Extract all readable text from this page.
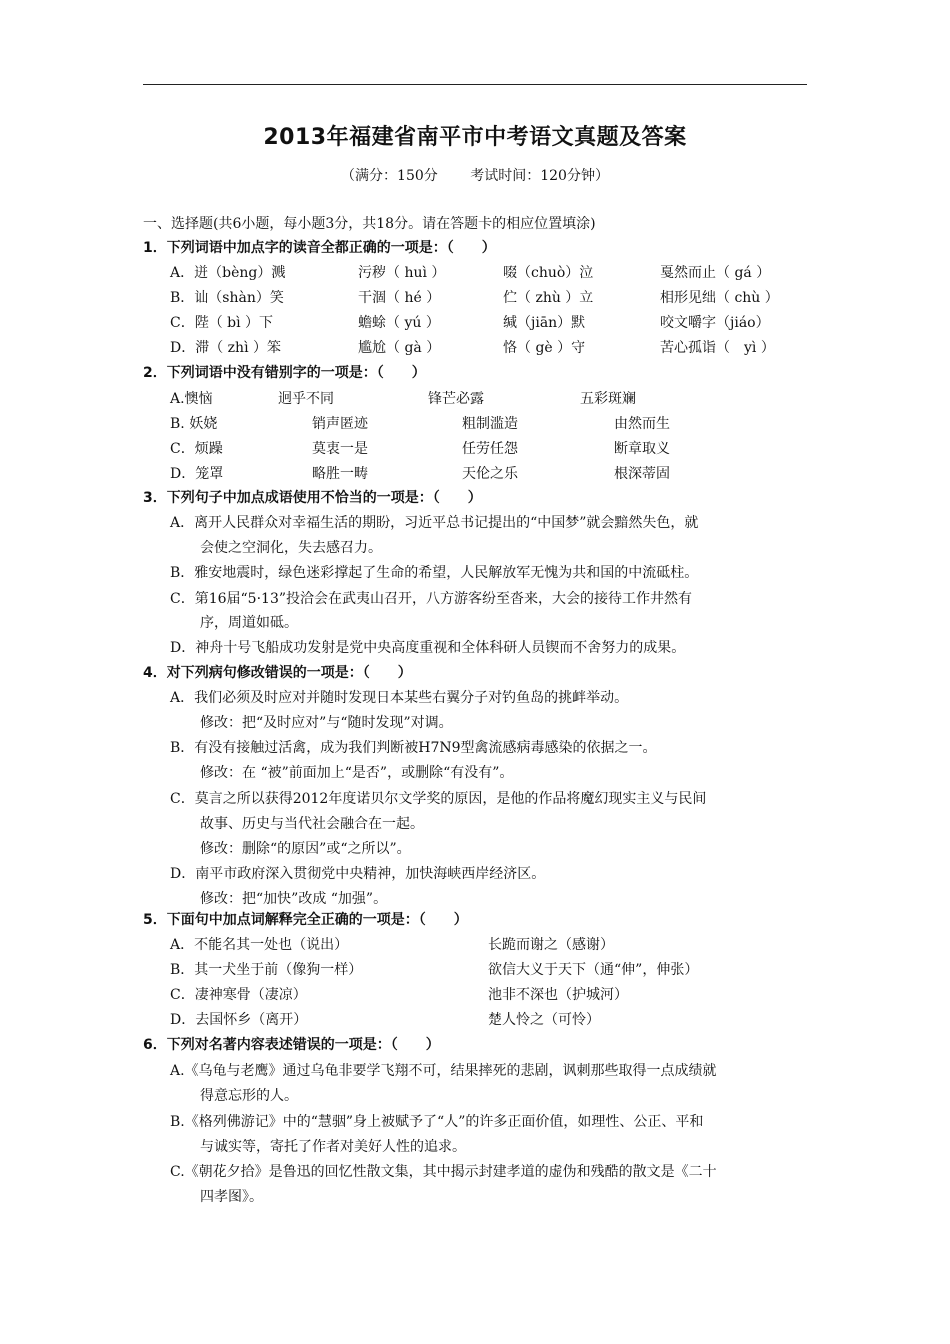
2013年福建省南平市中考语文真题及答案
（满分：150分 考试时间：120分钟）
一、选择题(共6小题，每小题3分，共18分。请在答题卡的相应位置填涂)
1．下列词语中加点字的读音全都正确的一项是：（　　）
A．迸（bèng）溅	污秽（ huì ）	啜（chuò）泣	戛然而止（ gá ）
B．讪（shàn）笑	干涸（ hé ）	伫（ zhù ）立	相形见绌（ chù ）
C．陛（ bì ）下	蟾蜍（ yú ）	缄（jiān）默	咬文嚼字（jiáo）
D．滞（ zhì ）笨	尴尬（ gà ）	恪（ gè ）守	苦心孤诣（　yì ）
2．下列词语中没有错别字的一项是：（　　）
A.懊恼	迥乎不同	锋芒必露	五彩斑斓
B. 妖娆	销声匿迹	粗制滥造	由然而生
C．烦躁	莫衷一是	任劳任怨	断章取义
D．笼罩	略胜一畴	天伦之乐	根深蒂固
3．下列句子中加点成语使用不恰当的一项是：（　　）
A．离开人民群众对幸福生活的期盼，习近平总书记提出的“中国梦”就会黯然失色，就
会使之空洞化，失去感召力。
B．雅安地震时，绿色迷彩撑起了生命的希望，人民解放军无愧为共和国的中流砥柱。
C．第16届“5·13”投洽会在武夷山召开，八方游客纷至沓来，大会的接待工作井然有
序，周道如砥。
D．神舟十号飞船成功发射是党中央高度重视和全体科研人员锲而不舍努力的成果。
4．对下列病句修改错误的一项是：（　　）
A．我们必须及时应对并随时发现日本某些右翼分子对钓鱼岛的挑衅举动。
修改：把“及时应对”与“随时发现”对调。
B．有没有接触过活禽，成为我们判断被H7N9型禽流感病毒感染的依据之一。
修改：在 “被”前面加上“是否”，或删除“有没有”。
C．莫言之所以获得2012年度诺贝尔文学奖的原因，是他的作品将魔幻现实主义与民间
故事、历史与当代社会融合在一起。
修改：删除“的原因”或“之所以”。
D．南平市政府深入贯彻党中央精神，加快海峡西岸经济区。
修改：把“加快”改成 “加强”。
5．下面句中加点词解释完全正确的一项是：（　　）
A．不能名其一处也（说出）	长跪而谢之（感谢）
B．其一犬坐于前（像狗一样）	欲信大义于天下（通“伸”，伸张）
C．凄神寒骨（凄凉）	池非不深也（护城河）
D．去国怀乡（离开）	楚人怜之（可怜）
6．下列对名著内容表述错误的一项是：（　　）
A.《乌龟与老鹰》通过乌龟非要学飞翔不可，结果摔死的悲剧，讽刺那些取得一点成绩就
得意忘形的人。
B.《格列佛游记》中的“慧骃”身上被赋予了“人”的许多正面价值，如理性、公正、平和
与诚实等，寄托了作者对美好人性的追求。
C.《朝花夕拾》是鲁迅的回忆性散文集，其中揭示封建孝道的虚伪和残酷的散文是《二十
四孝图》。
